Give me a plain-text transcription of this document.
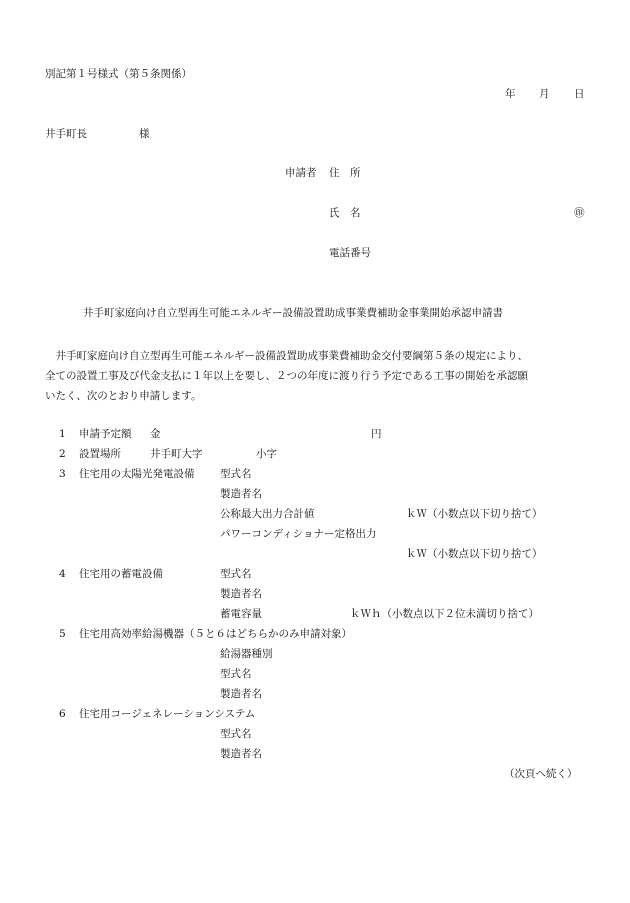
別記第１号様式（第５条関係）
年 月 日
井手町長	様
申請者 住　所
氏　名	㊞
電話番号
井手町家庭向け自立型再生可能エネルギー設備設置助成事業費補助金事業開始承認申請書
　井手町家庭向け自立型再生可能エネルギー設備設置助成事業費補助金交付要綱第５条の規定により、
全ての設置工事及び代金支払に１年以上を要し、２つの年度に渡り行う予定である工事の開始を承認願
いたく、次のとおり申請します。
1 申請予定額 金	円
2 設置場所	井手町大字	小字
3 住宅用の太陽光発電設備 型式名
製造者名
公称最大出力合計値	ｋＷ（小数点以下切り捨て）
パワーコンディショナー定格出力
ｋＷ（小数点以下切り捨て）
4 住宅用の蓄電設備	型式名
製造者名
蓄電容量	ｋＷｈ（小数点以下２位未満切り捨て）
5 住宅用高効率給湯機器（５と６はどちらかのみ申請対象）
給湯器種別
型式名
製造者名
6 住宅用コージェネレーションシステム
型式名
製造者名
（次頁へ続く）
